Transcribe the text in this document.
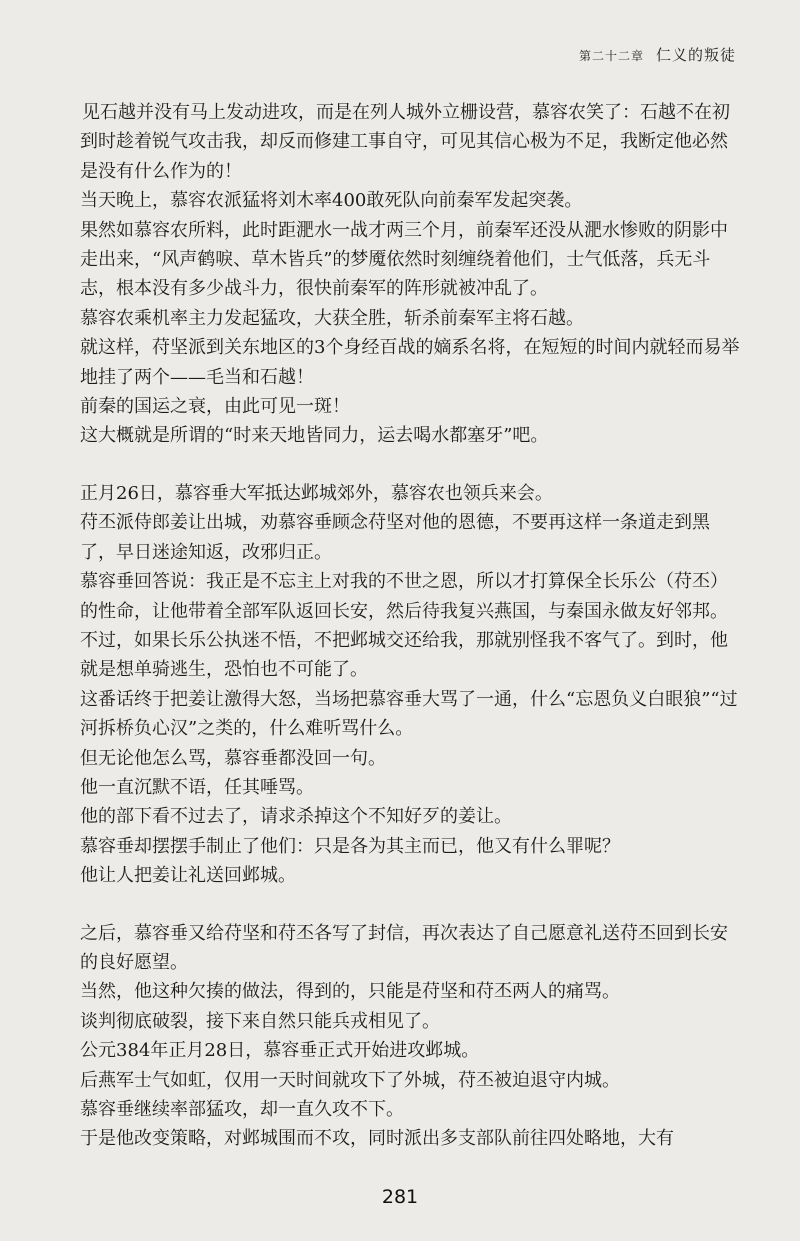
第二十二章 仁义的叛徒

见石越并没有马上发动进攻，而是在列人城外立栅设营，慕容农笑了：石越不在初到时趁着锐气攻击我，却反而修建工事自守，可见其信心极为不足，我断定他必然是没有什么作为的！

当天晚上，慕容农派猛将刘木率400敢死队向前秦军发起突袭。

果然如慕容农所料，此时距淝水一战才两三个月，前秦军还没从淝水惨败的阴影中走出来，“风声鹤唳、草木皆兵”的梦魇依然时刻缠绕着他们，士气低落，兵无斗志，根本没有多少战斗力，很快前秦军的阵形就被冲乱了。

慕容农乘机率主力发起猛攻，大获全胜，斩杀前秦军主将石越。

就这样，苻坚派到关东地区的3个身经百战的嫡系名将，在短短的时间内就轻而易举地挂了两个——毛当和石越！

前秦的国运之衰，由此可见一斑！

这大概就是所谓的“时来天地皆同力，运去喝水都塞牙”吧。

正月26日，慕容垂大军抵达邺城郊外，慕容农也领兵来会。

苻丕派侍郎姜让出城，劝慕容垂顾念苻坚对他的恩德，不要再这样一条道走到黑了，早日迷途知返，改邪归正。

慕容垂回答说：我正是不忘主上对我的不世之恩，所以才打算保全长乐公（苻丕）的性命，让他带着全部军队返回长安，然后待我复兴燕国，与秦国永做友好邻邦。不过，如果长乐公执迷不悟，不把邺城交还给我，那就别怪我不客气了。到时，他就是想单骑逃生，恐怕也不可能了。

这番话终于把姜让激得大怒，当场把慕容垂大骂了一通，什么“忘恩负义白眼狼”“过河拆桥负心汉”之类的，什么难听骂什么。

但无论他怎么骂，慕容垂都没回一句。

他一直沉默不语，任其唾骂。

他的部下看不过去了，请求杀掉这个不知好歹的姜让。

慕容垂却摆摆手制止了他们：只是各为其主而已，他又有什么罪呢？

他让人把姜让礼送回邺城。

之后，慕容垂又给苻坚和苻丕各写了封信，再次表达了自己愿意礼送苻丕回到长安的良好愿望。

当然，他这种欠揍的做法，得到的，只能是苻坚和苻丕两人的痛骂。

谈判彻底破裂，接下来自然只能兵戎相见了。

公元384年正月28日，慕容垂正式开始进攻邺城。

后燕军士气如虹，仅用一天时间就攻下了外城，苻丕被迫退守内城。

慕容垂继续率部猛攻，却一直久攻不下。

于是他改变策略，对邺城围而不攻，同时派出多支部队前往四处略地，大有

281
